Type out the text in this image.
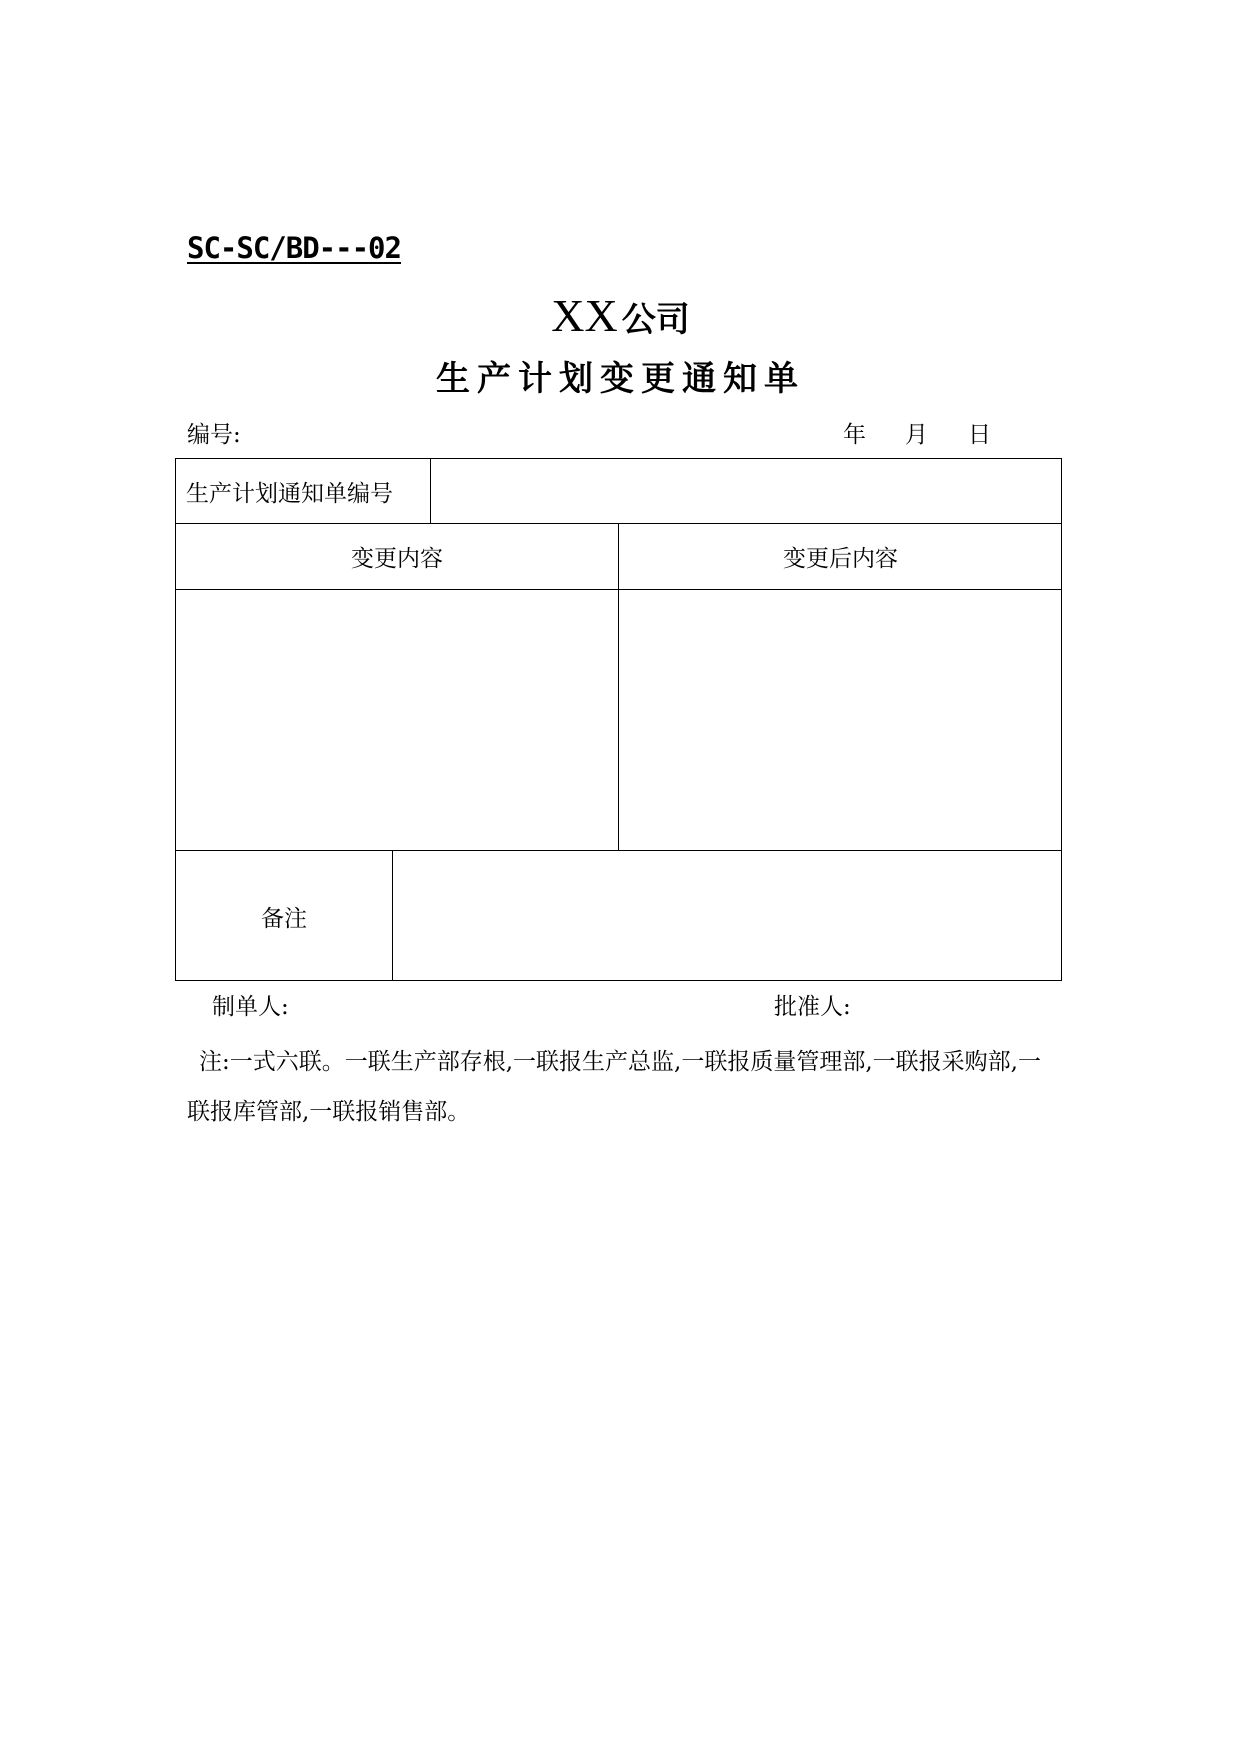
SC-SC/BD---02
XX 公司
生产计划变更通知单
编号:	年 月 日
生产计划通知单编号
变更内容	变更后内容
备注
制单人:	批准人:
注:一式六联。一联生产部存根,一联报生产总监,一联报质量管理部,一联报采购部,一联报库管部,一联报销售部。
